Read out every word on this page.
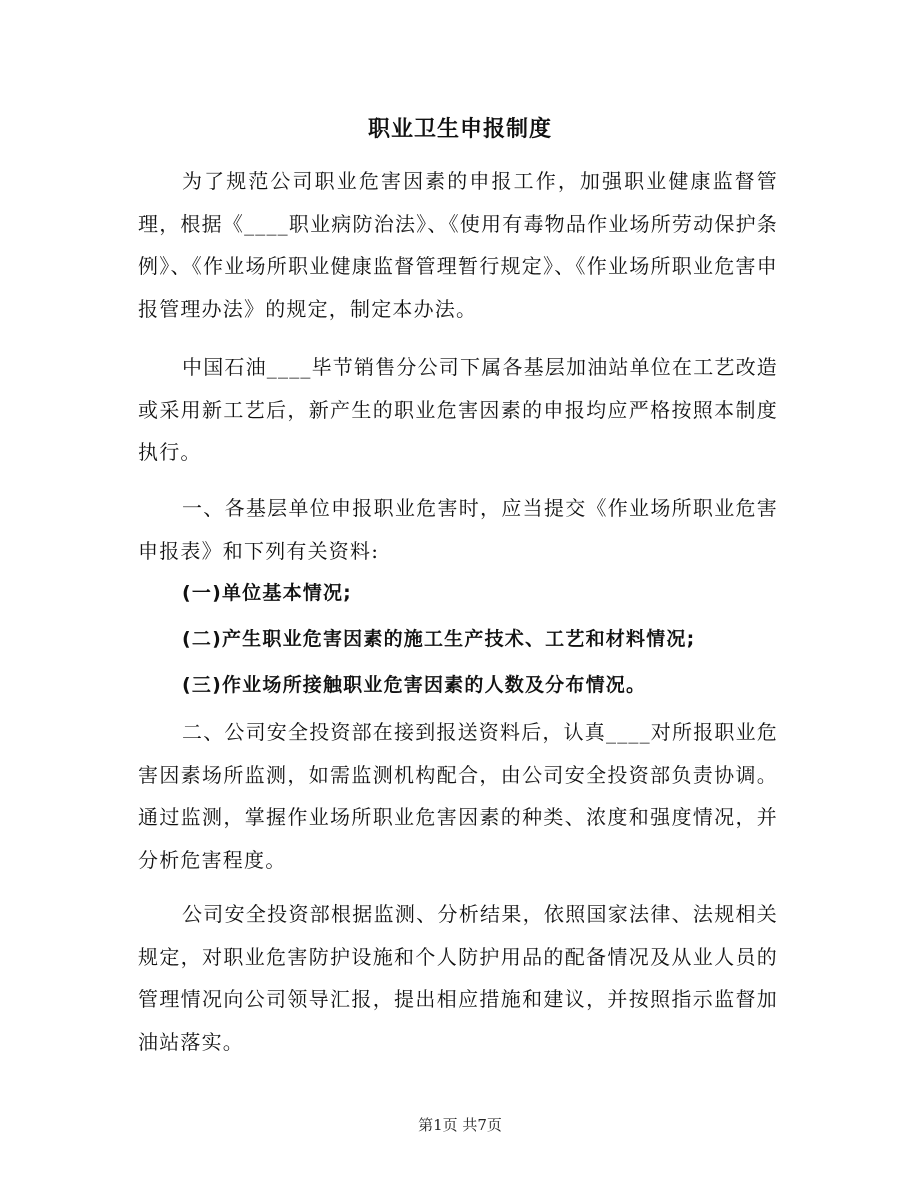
职业卫生申报制度

为了规范公司职业危害因素的申报工作，加强职业健康监督管理，根据《____职业病防治法》、《使用有毒物品作业场所劳动保护条例》、《作业场所职业健康监督管理暂行规定》、《作业场所职业危害申报管理办法》的规定，制定本办法。

中国石油____毕节销售分公司下属各基层加油站单位在工艺改造或采用新工艺后，新产生的职业危害因素的申报均应严格按照本制度执行。

一、各基层单位申报职业危害时，应当提交《作业场所职业危害申报表》和下列有关资料:

(一)单位基本情况;

(二)产生职业危害因素的施工生产技术、工艺和材料情况;

(三)作业场所接触职业危害因素的人数及分布情况。

二、公司安全投资部在接到报送资料后，认真____对所报职业危害因素场所监测，如需监测机构配合，由公司安全投资部负责协调。通过监测，掌握作业场所职业危害因素的种类、浓度和强度情况，并分析危害程度。

公司安全投资部根据监测、分析结果，依照国家法律、法规相关规定，对职业危害防护设施和个人防护用品的配备情况及从业人员的管理情况向公司领导汇报，提出相应措施和建议，并按照指示监督加油站落实。

第1页 共7页
